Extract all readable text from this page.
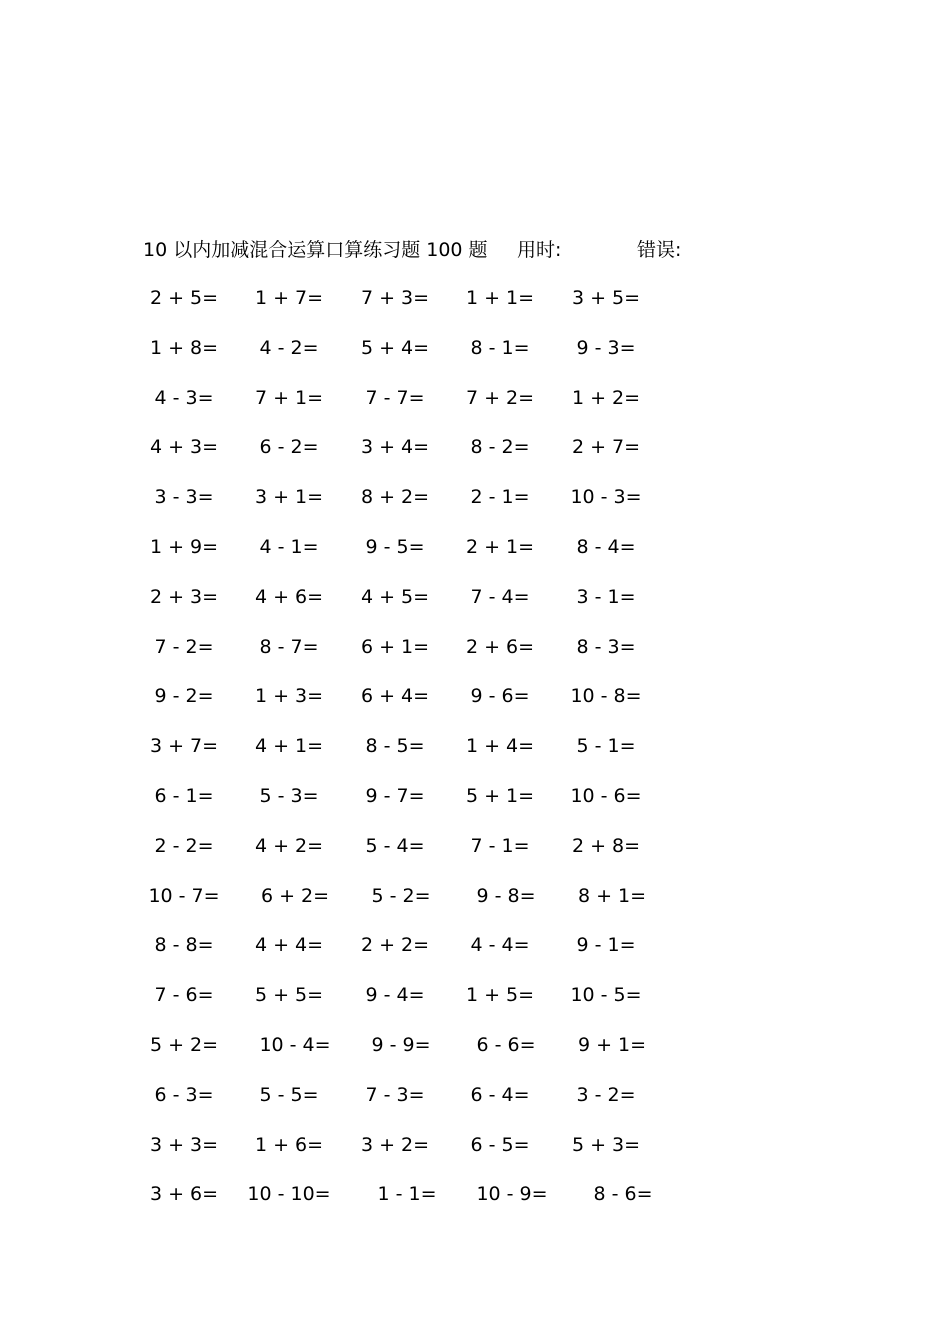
10 以内加减混合运算口算练习题 100 题 用时:	错误:
2 + 5=	1 + 7=	7 + 3=	1 + 1=	3 + 5=
1 + 8=	4 - 2=	5 + 4=	8 - 1=	9 - 3=
4 - 3=	7 + 1=	7 - 7=	7 + 2=	1 + 2=
4 + 3=	6 - 2=	3 + 4=	8 - 2=	2 + 7=
3 - 3=	3 + 1=	8 + 2=	2 - 1=	10 - 3=
1 + 9=	4 - 1=	9 - 5=	2 + 1=	8 - 4=
2 + 3=	4 + 6=	4 + 5=	7 - 4=	3 - 1=
7 - 2=	8 - 7=	6 + 1=	2 + 6=	8 - 3=
9 - 2=	1 + 3=	6 + 4=	9 - 6=	10 - 8=
3 + 7=	4 + 1=	8 - 5=	1 + 4=	5 - 1=
6 - 1=	5 - 3=	9 - 7=	5 + 1=	10 - 6=
2 - 2=	4 + 2=	5 - 4=	7 - 1=	2 + 8=
10 - 7=	6 + 2=	5 - 2=	9 - 8=	8 + 1=
8 - 8=	4 + 4=	2 + 2=	4 - 4=	9 - 1=
7 - 6=	5 + 5=	9 - 4=	1 + 5=	10 - 5=
5 + 2=	10 - 4=	9 - 9=	6 - 6=	9 + 1=
6 - 3=	5 - 5=	7 - 3=	6 - 4=	3 - 2=
3 + 3=	1 + 6=	3 + 2=	6 - 5=	5 + 3=
3 + 6=	10 - 10=	1 - 1=	10 - 9=	8 - 6=
